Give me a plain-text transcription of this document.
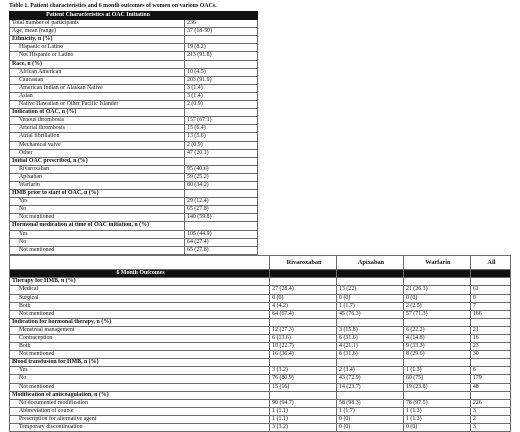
Table 1. Patient characteristics and 6 month outcomes of women on various OACs.
Patient Characteristics at OAC Initiation		
Total number of participants	236	
Age, mean (range)	37 (18-50)	
Ethnicity, n (%)		
Hispanic or Latino	19 (8.2)	
Not Hispanic or Latino	213 (91.8)	
Race, n (%)		
African American	10 (4.5)	
Caucasian	203 (91.9)	
American Indian or Alaskan Native	3 (1.4)	
Asian	3 (1.4)	
Native Hawaiian or Other Pacific Islander	2 (0.9)	
Indication of OAC, n (%)		
Venous thrombosis	157 (67.1)	
Arterial thrombosis	15 (6.4)	
Atrial fibrillation	13 (5.6)	
Mechanical valve	2 (0.9)	
Other	47 (20.1)	
Initial OAC prescribed, n (%)		
Rivaroxaban	95 (40.6)	
Apixaban	59 (25.2)	
Warfarin	80 (34.2)	
HMB prior to start of OAC, n (%)		
Yes	29 (12.4)	
No	65 (27.8)	
Not mentioned	140 (59.8)	
Hormonal medication at time of OAC initiation, n (%)		
Yes	105 (44.9)	
No	64 (27.4)	
Not mentioned	65 (27.8)	
	Rivaroxaban	Apixaban	Warfarin	All
6 Month Outcomes				
Therapy for HMB, n (%)				
Medical	27 (28.4)	13 (22)	21 (26.3)	61
Surgical	0 (0)	0 (0)	0 (0)	0
Both	4 (4.2)	1 (1.7)	2 (2.5)	7
Not mentioned	64 (67.4)	45 (76.3)	57 (71.3)	166
Indication for hormonal therapy, n (%)				
Menstrual management	12 (27.3)	3 (15.8)	6 (22.2)	21
Contraception	6 (13.6)	6 (31.6)	4 (14.8)	16
Both	10 (22.7)	4 (21.1)	9 (33.3)	23
Not mentioned	16 (36.4)	6 (31.6)	8 (29.6)	30
Blood transfusion for HMB, n (%)				
Yes	3 (3.2)	2 (3.4)	1 (1.3)	6
No	76 (80.9)	43 (72.9)	60 (75)	179
Not mentioned	15 (16)	14 (23.7)	19 (23.8)	48
Modification of anticoagulation, n (%)				
No documented modification	90 (94.7)	58 (98.3)	78 (97.5)	226
Abbreviation of course	1 (1.1)	1 (1.7)	1 (1.3)	3
Prescription for alternative agent	1 (1.1)	0 (0)	1 (1.3)	2
Temporary discontinuation	3 (3.2)	0 (0)	0 (0)	3
